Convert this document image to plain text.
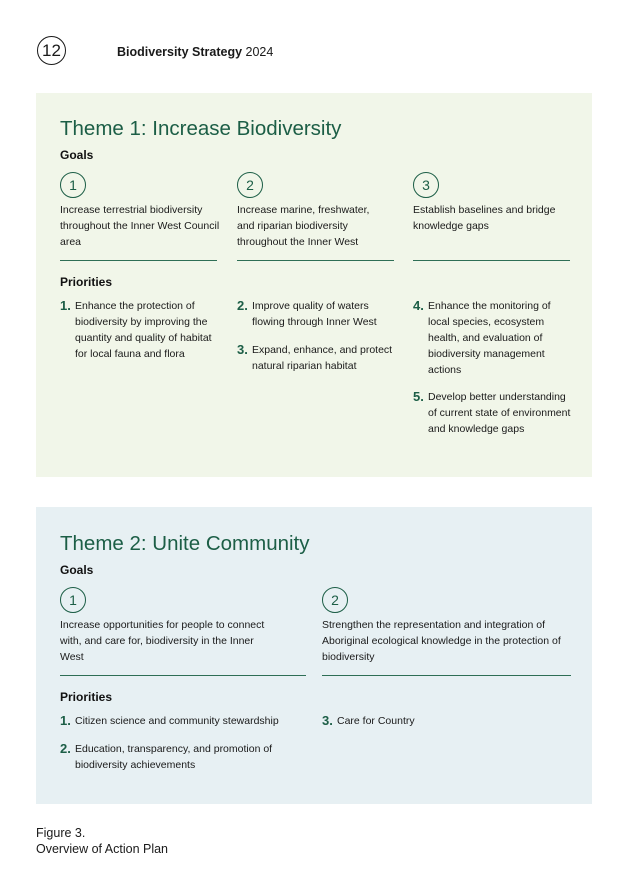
12	Biodiversity Strategy 2024
Theme 1: Increase Biodiversity
Goals
1
Increase terrestrial biodiversity throughout the Inner West Council area
2
Increase marine, freshwater, and riparian biodiversity throughout the Inner West
3
Establish baselines and bridge knowledge gaps
Priorities
1. Enhance the protection of biodiversity by improving the quantity and quality of habitat for local fauna and flora
2. Improve quality of waters flowing through Inner West
3. Expand, enhance, and protect natural riparian habitat
4. Enhance the monitoring of local species, ecosystem health, and evaluation of biodiversity management actions
5. Develop better understanding of current state of environment and knowledge gaps
Theme 2: Unite Community
Goals
1
Increase opportunities for people to connect with, and care for, biodiversity in the Inner West
2
Strengthen the representation and integration of Aboriginal ecological knowledge in the protection of biodiversity
Priorities
1. Citizen science and community stewardship
2. Education, transparency, and promotion of biodiversity achievements
3. Care for Country
Figure 3.
Overview of Action Plan
